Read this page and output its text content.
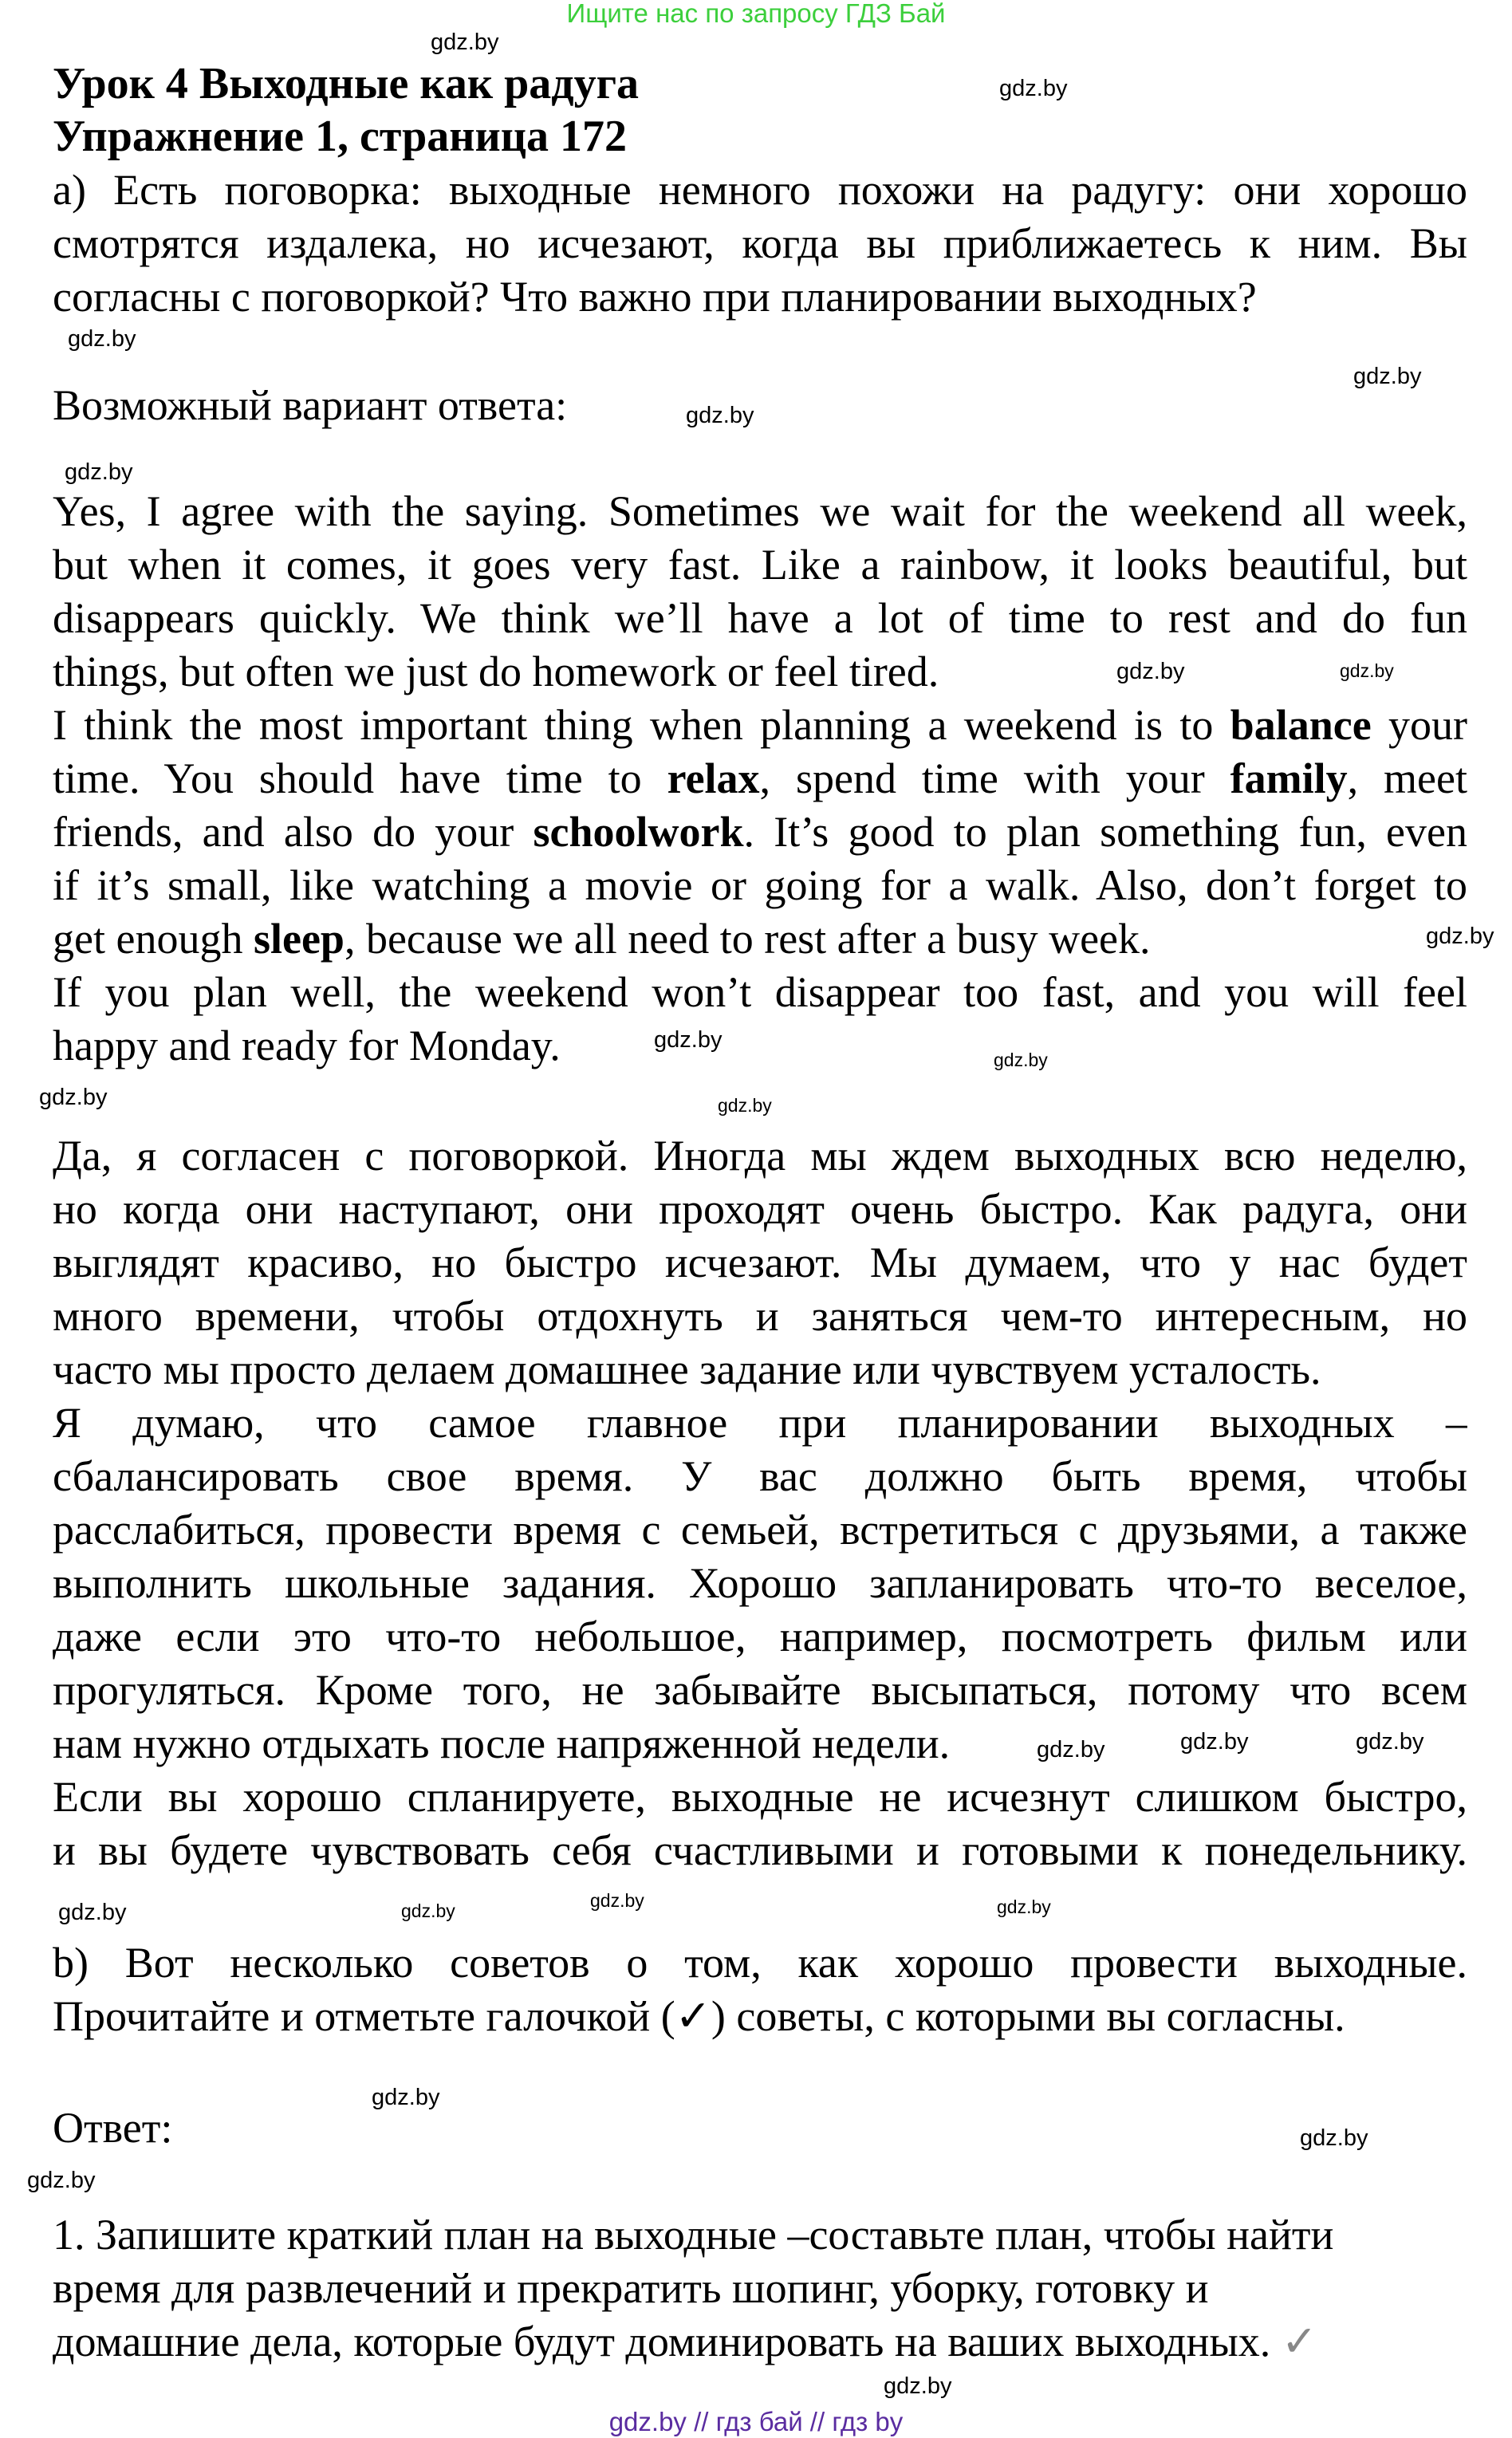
Ищите нас по запросу ГДЗ Бай
Урок 4 Выходные как радуга
Упражнение 1, страница 172
а) Есть поговорка: выходные немного похожи на радугу: они хорошо
смотрятся издалека, но исчезают, когда вы приближаетесь к ним. Вы
согласны с поговоркой? Что важно при планировании выходных?
Возможный вариант ответа:
Yes, I agree with the saying. Sometimes we wait for the weekend all week,
but when it comes, it goes very fast. Like a rainbow, it looks beautiful, but
disappears quickly. We think we’ll have a lot of time to rest and do fun
things, but often we just do homework or feel tired.
I think the most important thing when planning a weekend is to balance your
time. You should have time to relax, spend time with your family, meet
friends, and also do your schoolwork. It’s good to plan something fun, even
if it’s small, like watching a movie or going for a walk. Also, don’t forget to
get enough sleep, because we all need to rest after a busy week.
If you plan well, the weekend won’t disappear too fast, and you will feel
happy and ready for Monday.
Да, я согласен с поговоркой. Иногда мы ждем выходных всю неделю,
но когда они наступают, они проходят очень быстро. Как радуга, они
выглядят красиво, но быстро исчезают. Мы думаем, что у нас будет
много времени, чтобы отдохнуть и заняться чем-то интересным, но
часто мы просто делаем домашнее задание или чувствуем усталость.
Я думаю, что самое главное при планировании выходных –
сбалансировать свое время. У вас должно быть время, чтобы
расслабиться, провести время с семьей, встретиться с друзьями, а также
выполнить школьные задания. Хорошо запланировать что-то веселое,
даже если это что-то небольшое, например, посмотреть фильм или
прогуляться. Кроме того, не забывайте высыпаться, потому что всем
нам нужно отдыхать после напряженной недели.
Если вы хорошо спланируете, выходные не исчезнут слишком быстро,
и вы будете чувствовать себя счастливыми и готовыми к понедельнику.
b) Вот несколько советов о том, как хорошо провести выходные.
Прочитайте и отметьте галочкой (✓) советы, с которыми вы согласны.
Ответ:
1. Запишите краткий план на выходные –составьте план, чтобы найти
время для развлечений и прекратить шопинг, уборку, готовку и
домашние дела, которые будут доминировать на ваших выходных. ✓
gdz.by
gdz.by
gdz.by
gdz.by
gdz.by
gdz.by
gdz.by	gdz.by
gdz.by
gdz.by
gdz.by
gdz.by	gdz.by
gdz.by
gdz.by	gdz.by
gdz.by
gdz.by
gdz.by
gdz.by
gdz.by
gdz.by
gdz.by
gdz.by
gdz.by // гдз бай // гдз by
